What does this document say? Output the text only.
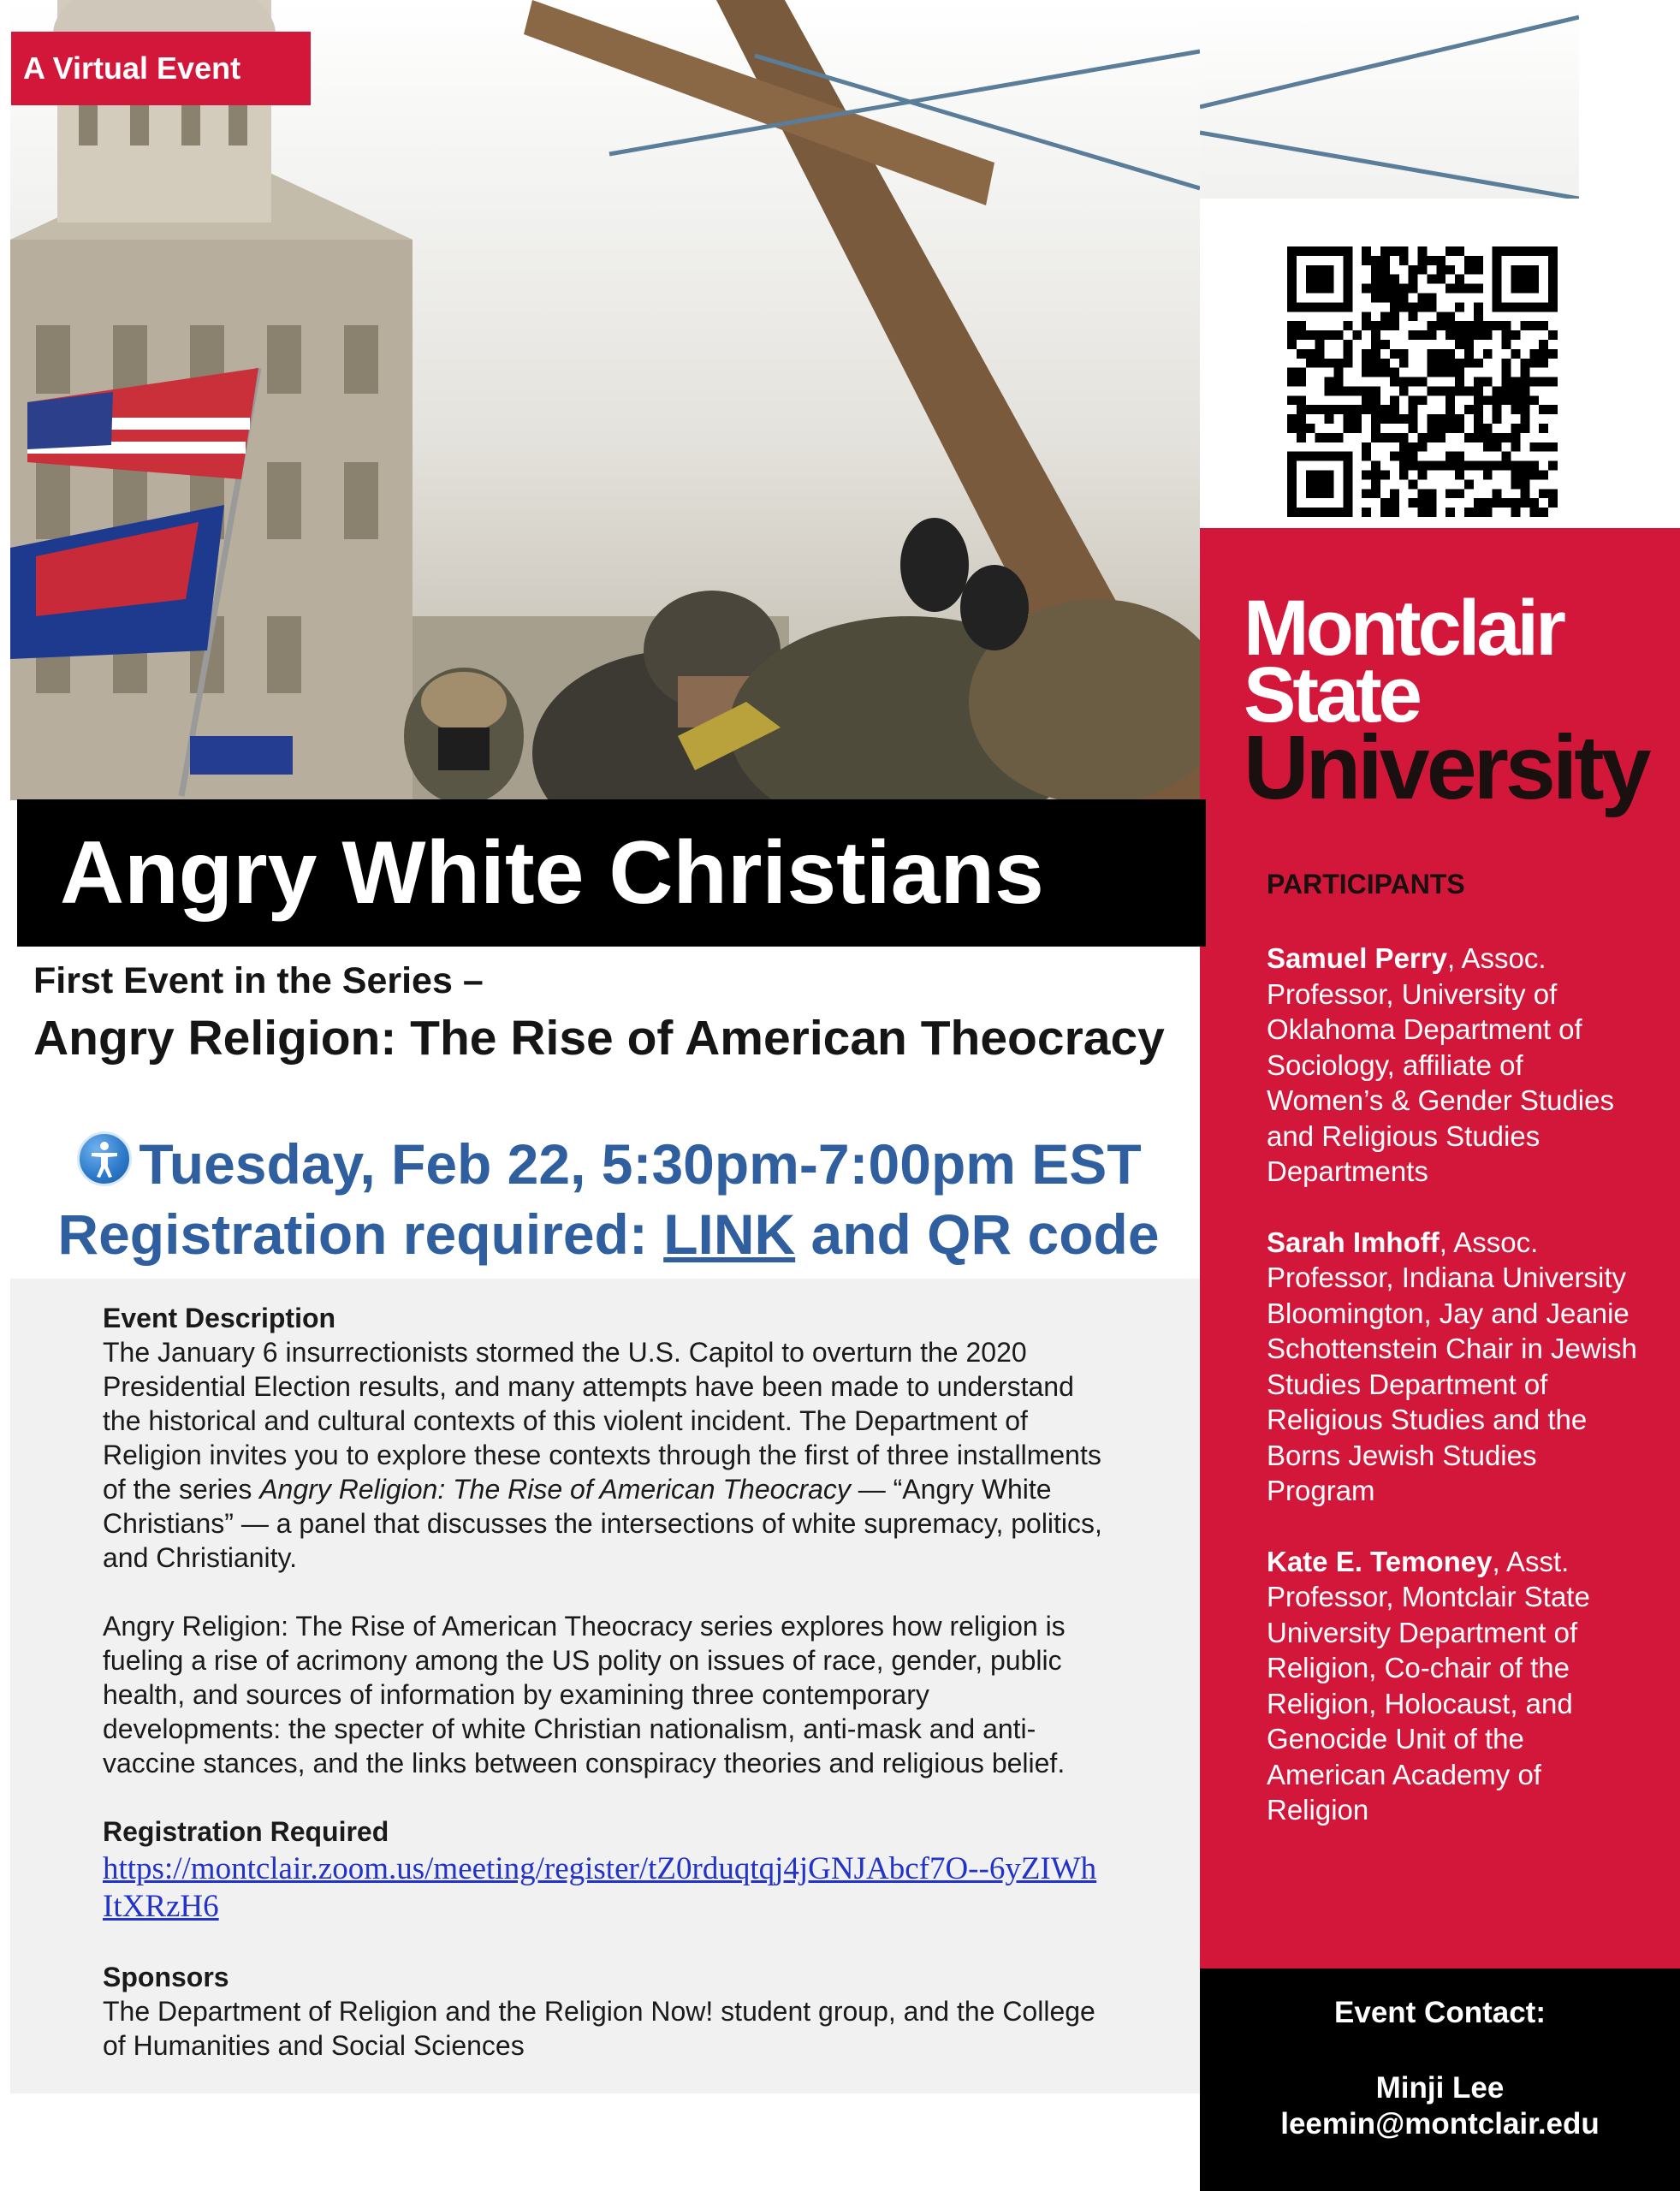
A Virtual Event
Angry White Christians
First Event in the Series –
Angry Religion: The Rise of American Theocracy
Tuesday, Feb 22, 5:30pm-7:00pm EST
Registration required: LINK and QR code
Event Description
The January 6 insurrectionists stormed the U.S. Capitol to overturn the 2020 Presidential Election results, and many attempts have been made to understand the historical and cultural contexts of this violent incident. The Department of Religion invites you to explore these contexts through the first of three installments of the series Angry Religion: The Rise of American Theocracy — “Angry White Christians” — a panel that discusses the intersections of white supremacy, politics, and Christianity.
Angry Religion: The Rise of American Theocracy series explores how religion is fueling a rise of acrimony among the US polity on issues of race, gender, public health, and sources of information by examining three contemporary developments: the specter of white Christian nationalism, anti-mask and anti-vaccine stances, and the links between conspiracy theories and religious belief.
Registration Required
https://montclair.zoom.us/meeting/register/tZ0rduqtqj4jGNJAbcf7O--6yZIWhItXRzH6
Sponsors
The Department of Religion and the Religion Now! student group, and the College of Humanities and Social Sciences
Montclair
State
University
PARTICIPANTS
Samuel Perry, Assoc. Professor, University of Oklahoma Department of Sociology, affiliate of Women’s & Gender Studies and Religious Studies Departments
Sarah Imhoff, Assoc. Professor, Indiana University Bloomington, Jay and Jeanie Schottenstein Chair in Jewish Studies Department of Religious Studies and the Borns Jewish Studies Program
Kate E. Temoney, Asst. Professor, Montclair State University Department of Religion, Co-chair of the Religion, Holocaust, and Genocide Unit of the American Academy of Religion
Event Contact:
Minji Lee
leemin@montclair.edu
